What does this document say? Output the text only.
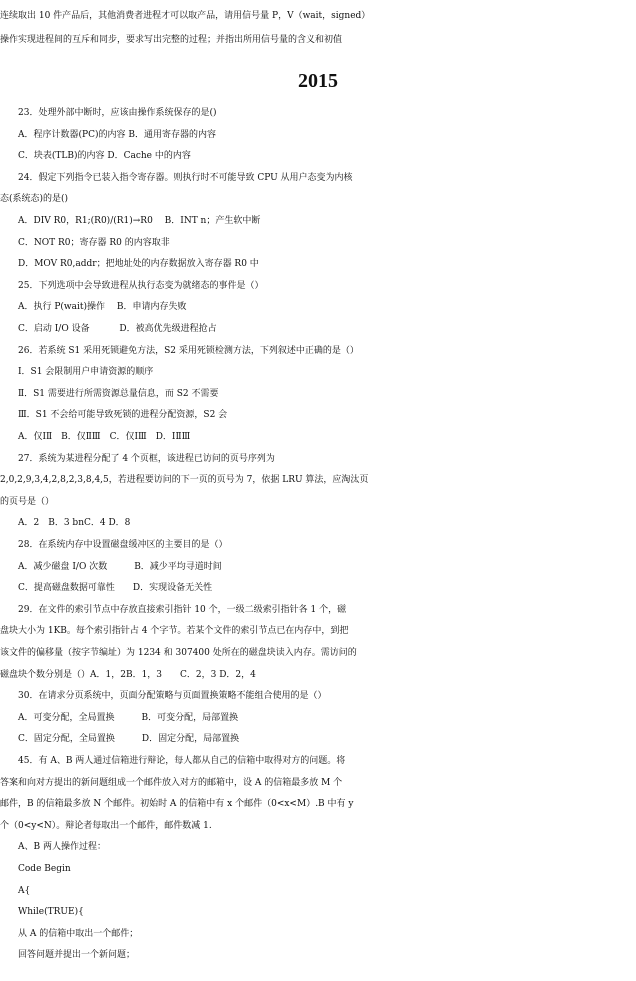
连续取出 10 件产品后，其他消费者进程才可以取产品，请用信号量 P，V（wait，signed）
操作实现进程间的互斥和同步，要求写出完整的过程；并指出所用信号量的含义和初值
2015
　　23．处理外部中断时，应该由操作系统保存的是()
　　A．程序计数器(PC)的内容 B．通用寄存器的内容
　　C．块表(TLB)的内容 D．Cache 中的内容
　　24．假定下列指令已装入指令寄存器。则执行时不可能导致 CPU 从用户态变为内核
态(系统态)的是()
　　A．DIV R0，R1;(R0)/(R1)→R0　 B．INT n；产生软中断
　　C．NOT R0；寄存器 R0 的内容取非
　　D．MOV R0,addr；把地址处的内存数据放入寄存器 R0 中
　　25．下列选项中会导致进程从执行态变为就绪态的事件是（）
　　A．执行 P(wait)操作　 B．申请内存失败
　　C．启动 I/O 设备　　　 D．被高优先级进程抢占
　　26．若系统 S1 采用死锁避免方法，S2 采用死锁检测方法，下列叙述中正确的是（）
　　Ⅰ．S1 会限制用户申请资源的顺序
　　Ⅱ．S1 需要进行所需资源总量信息，而 S2 不需要
　　Ⅲ．S1 不会给可能导致死锁的进程分配资源，S2 会
　　A．仅ⅠⅡ　B．仅ⅡⅢ　C．仅ⅠⅢ　D．ⅠⅡⅢ
　　27．系统为某进程分配了 4 个页框，该进程已访问的页号序列为
2,0,2,9,3,4,2,8,2,3,8,4,5，若进程要访问的下一页的页号为 7，依据 LRU 算法，应淘汰页
的页号是（）
　　A．2　B．3 bnC．4 D．8
　　28．在系统内存中设置磁盘缓冲区的主要目的是（）
　　A．减少磁盘 I/O 次数　　　B．减少平均寻道时间
　　C．提高磁盘数据可靠性　　D．实现设备无关性
　　29．在文件的索引节点中存放直接索引指针 10 个，一级二级索引指针各 1 个，磁
盘块大小为 1KB。每个索引指针占 4 个字节。若某个文件的索引节点已在内存中，到把
该文件的偏移量（按字节编址）为 1234 和 307400 处所在的磁盘块读入内存。需访问的
磁盘块个数分别是（）A．1，2B．1，3　　C．2，3 D．2，4
　　30．在请求分页系统中，页面分配策略与页面置换策略不能组合使用的是（）
　　A．可变分配，全局置换　　　B．可变分配，局部置换
　　C．固定分配，全局置换　　　D．固定分配，局部置换
　　45．有 A、B 两人通过信箱进行辩论，每人都从自己的信箱中取得对方的问题。将
答案和向对方提出的新问题组成一个邮件放入对方的邮箱中，设 A 的信箱最多放 M 个
邮件，B 的信箱最多放 N 个邮件。初始时 A 的信箱中有 x 个邮件（0<x<M）.B 中有 y
个（0<y<N）。辩论者每取出一个邮件，邮件数减 1.
　　A、B 两人操作过程：
　　Code Begin
　　A{
　　While(TRUE){
　　从 A 的信箱中取出一个邮件；
　　回答问题并提出一个新问题；
